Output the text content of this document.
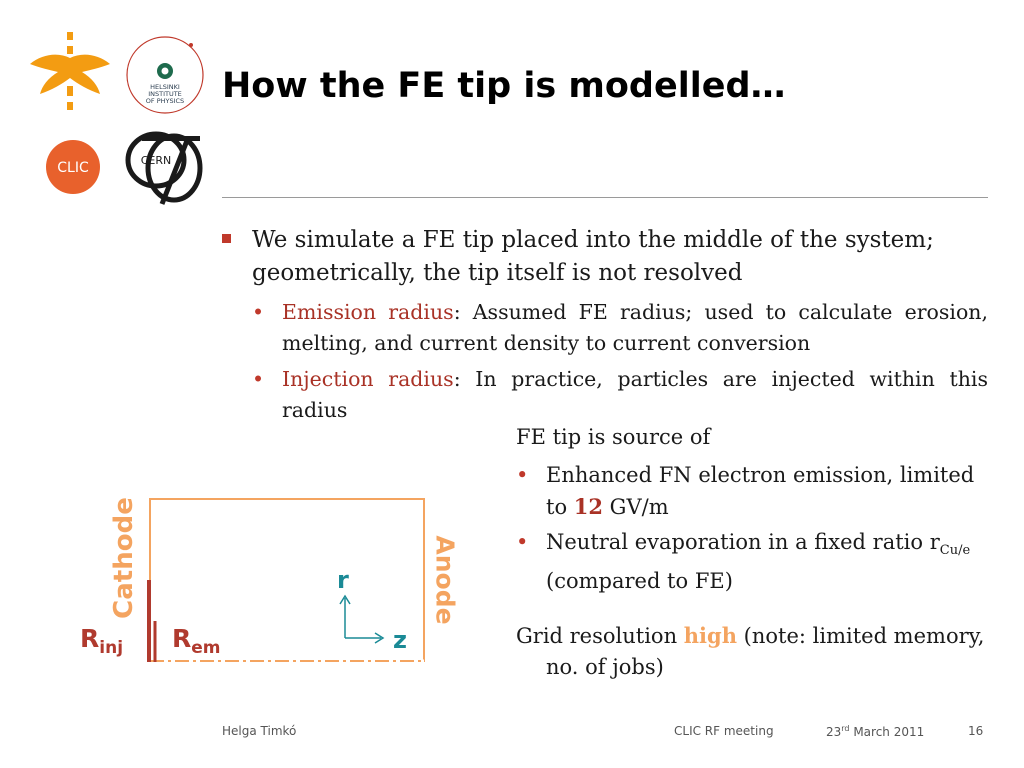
HELSINKI INSTITUTE OF PHYSICS
CLIC	CERN
How the FE tip is modelled…
We simulate a FE tip placed into the middle of the system; geometrically, the tip itself is not resolved
• Emission radius: Assumed FE radius; used to calculate erosion, melting, and current density to current conversion
• Injection radius: In practice, particles are injected within this radius
FE tip is source of
• Enhanced FN electron emission, limited to 12 GV/m
• Neutral evaporation in a fixed ratio $r_{Cu/e}$ (compared to FE)
Grid resolution high (note: limited memory, no. of jobs)
Cathode	Anode
r
z
$R_{inj}$ $R_{em}$
Helga Timkó	CLIC RF meeting	23rd March 2011	16
